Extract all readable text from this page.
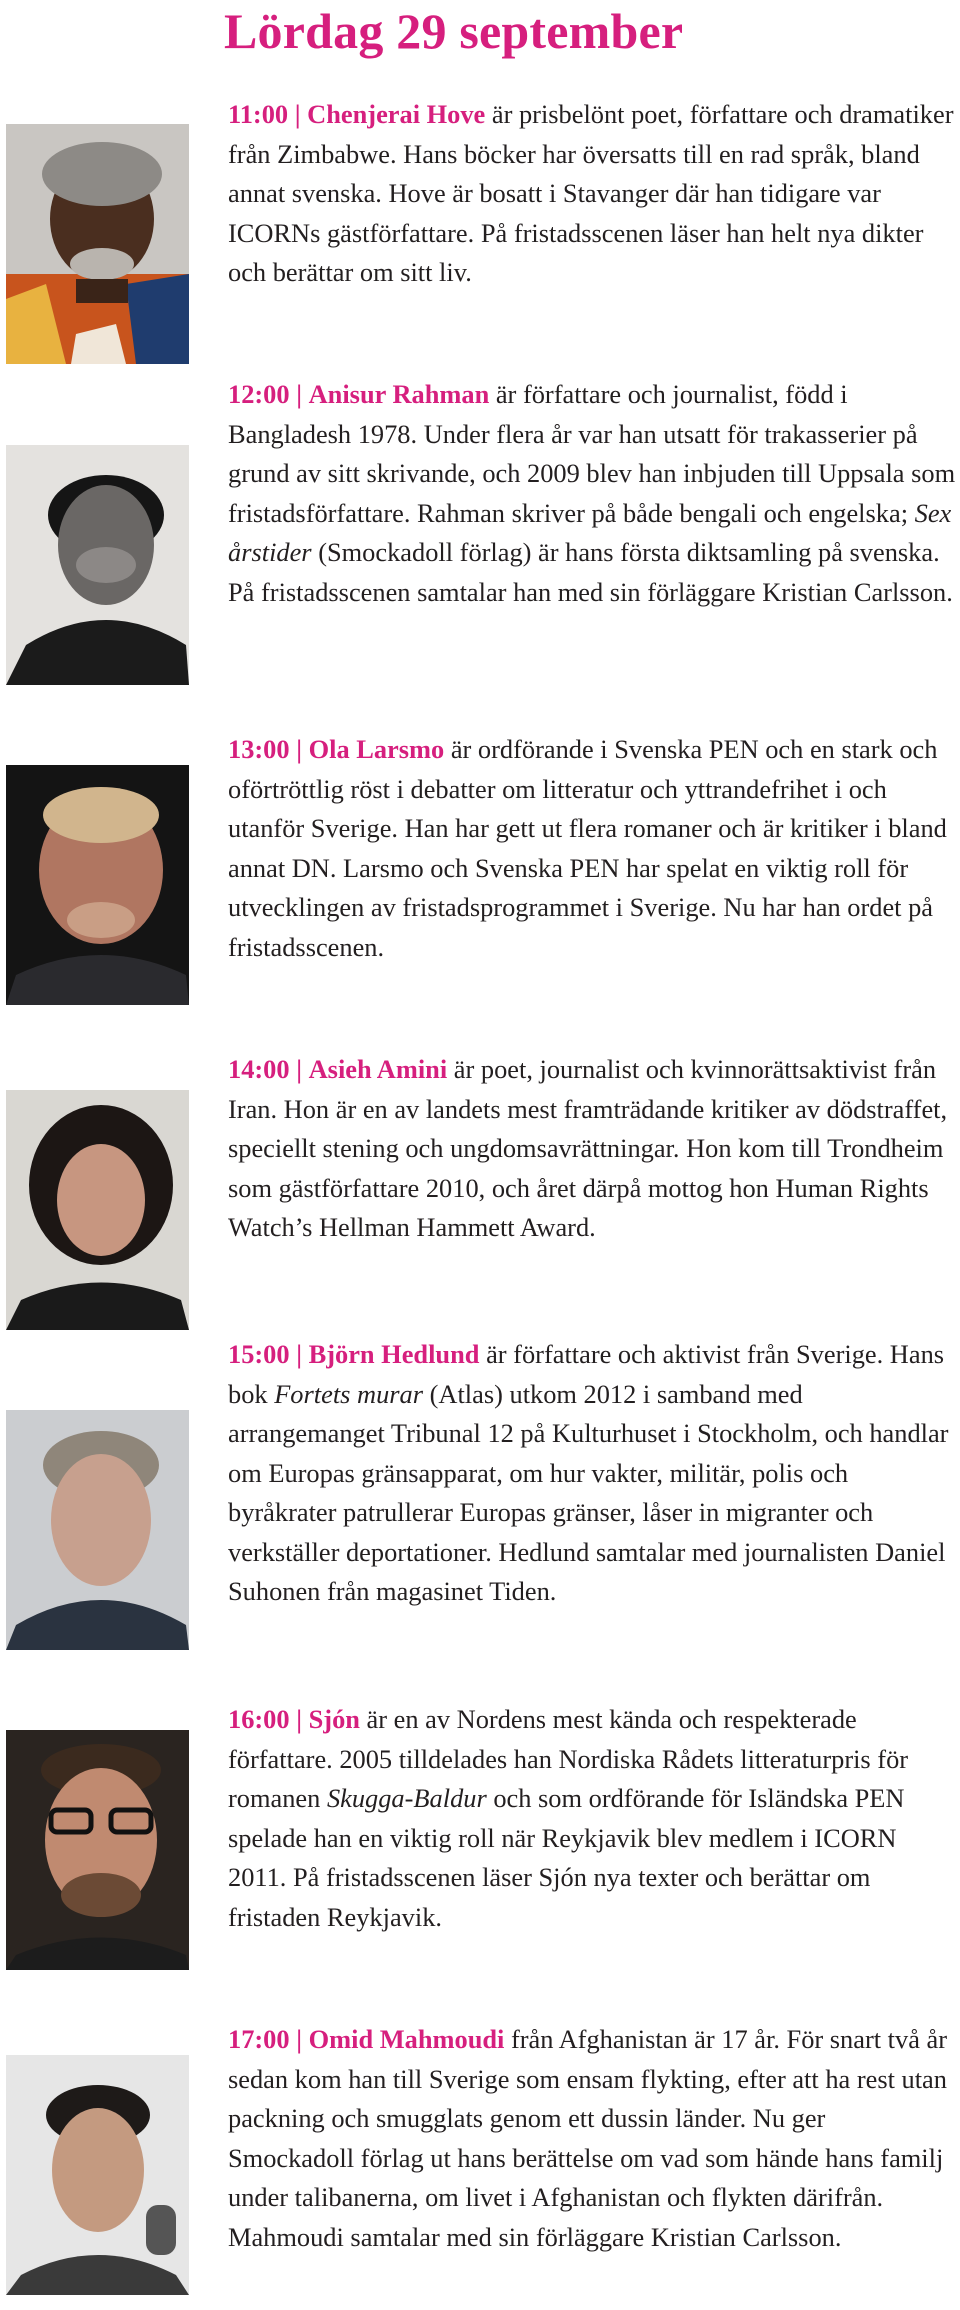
Lördag 29 september

11:00 | Chenjerai Hove är prisbelönt poet, författare och dramatiker från Zimbabwe. Hans böcker har översatts till en rad språk, bland annat svenska. Hove är bosatt i Stavanger där han tidigare var ICORNs gästförfattare. På fristadsscenen läser han helt nya dikter och berättar om sitt liv.

12:00 | Anisur Rahman är författare och journalist, född i Bangladesh 1978. Under flera år var han utsatt för trakasserier på grund av sitt skrivande, och 2009 blev han inbjuden till Uppsala som fristadsförfattare. Rahman skriver på både bengali och engelska; Sex årstider (Smockadoll förlag) är hans första diktsamling på svenska. På fristadsscenen samtalar han med sin förläggare Kristian Carlsson.

13:00 | Ola Larsmo är ordförande i Svenska PEN och en stark och oförtröttlig röst i debatter om litteratur och yttrandefrihet i och utanför Sverige. Han har gett ut flera romaner och är kritiker i bland annat DN. Larsmo och Svenska PEN har spelat en viktig roll för utvecklingen av fristadsprogrammet i Sverige. Nu har han ordet på fristadsscenen.

14:00 | Asieh Amini är poet, journalist och kvinnorättsaktivist från Iran. Hon är en av landets mest framträdande kritiker av dödstraffet, speciellt stening och ungdomsavrättningar. Hon kom till Trondheim som gästförfattare 2010, och året därpå mottog hon Human Rights Watch’s Hellman Hammett Award.

15:00 | Björn Hedlund är författare och aktivist från Sverige. Hans bok Fortets murar (Atlas) utkom 2012 i samband med arrangemanget Tribunal 12 på Kulturhuset i Stockholm, och handlar om Europas gränsapparat, om hur vakter, militär, polis och byråkrater patrullerar Europas gränser, låser in migranter och verkställer deportationer. Hedlund samtalar med journalisten Daniel Suhonen från magasinet Tiden.

16:00 | Sjón är en av Nordens mest kända och respekterade författare. 2005 tilldelades han Nordiska Rådets litteraturpris för romanen Skugga-Baldur och som ordförande för Isländska PEN spelade han en viktig roll när Reykjavik blev medlem i ICORN 2011. På fristadsscenen läser Sjón nya texter och berättar om fristaden Reykjavik.

17:00 | Omid Mahmoudi från Afghanistan är 17 år. För snart två år sedan kom han till Sverige som ensam flykting, efter att ha rest utan packning och smugglats genom ett dussin länder. Nu ger Smockadoll förlag ut hans berättelse om vad som hände hans familj under talibanerna, om livet i Afghanistan och flykten därifrån. Mahmoudi samtalar med sin förläggare Kristian Carlsson.
